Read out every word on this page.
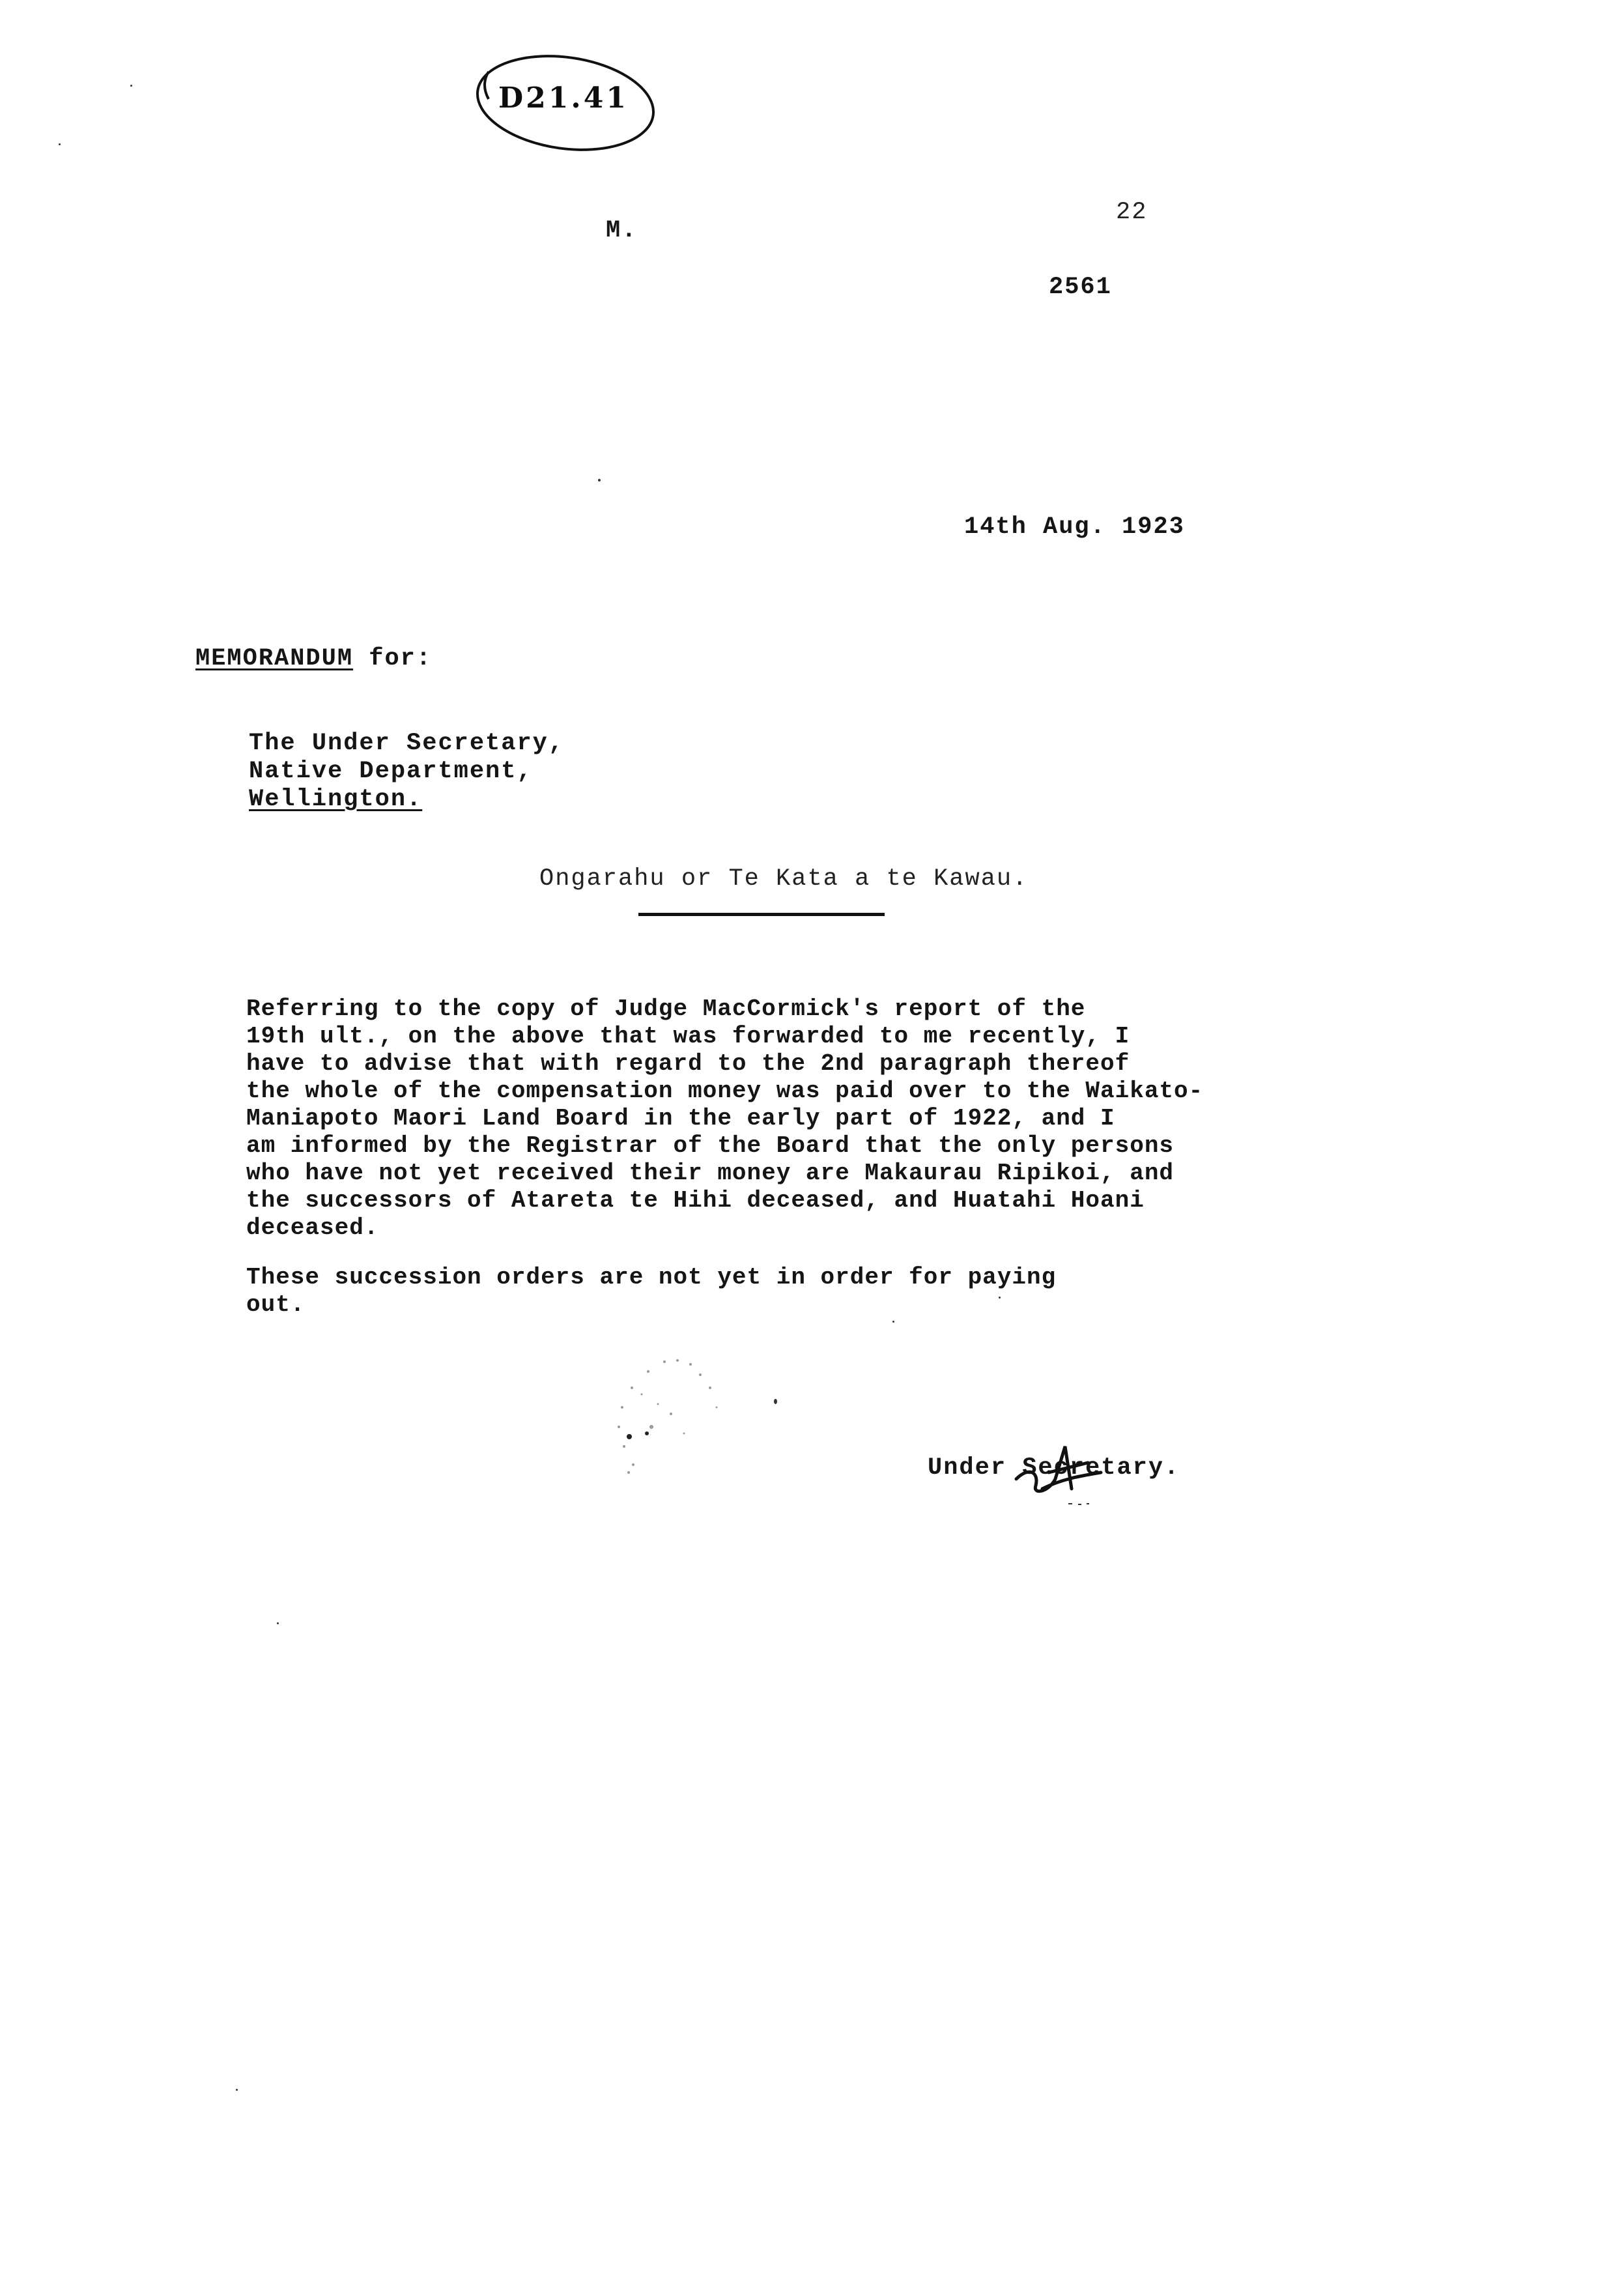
D21.41
M.
22
2561
14th Aug. 1923
MEMORANDUM for:
The Under Secretary,
Native Department,
Wellington.
Ongarahu or Te Kata a te Kawau.
Referring to the copy of Judge MacCormick's report of the
19th ult., on the above that was forwarded to me recently, I
have to advise that with regard to the 2nd paragraph thereof
the whole of the compensation money was paid over to the Waikato-
Maniapoto Maori Land Board in the early part of 1922, and I
am informed by the Registrar of the Board that the only persons
who have not yet received their money are Makaurau Ripikoi, and
the successors of Atareta te Hihi deceased, and Huatahi Hoani
deceased.
These succession orders are not yet in order for paying
out.
Under Secretary.
